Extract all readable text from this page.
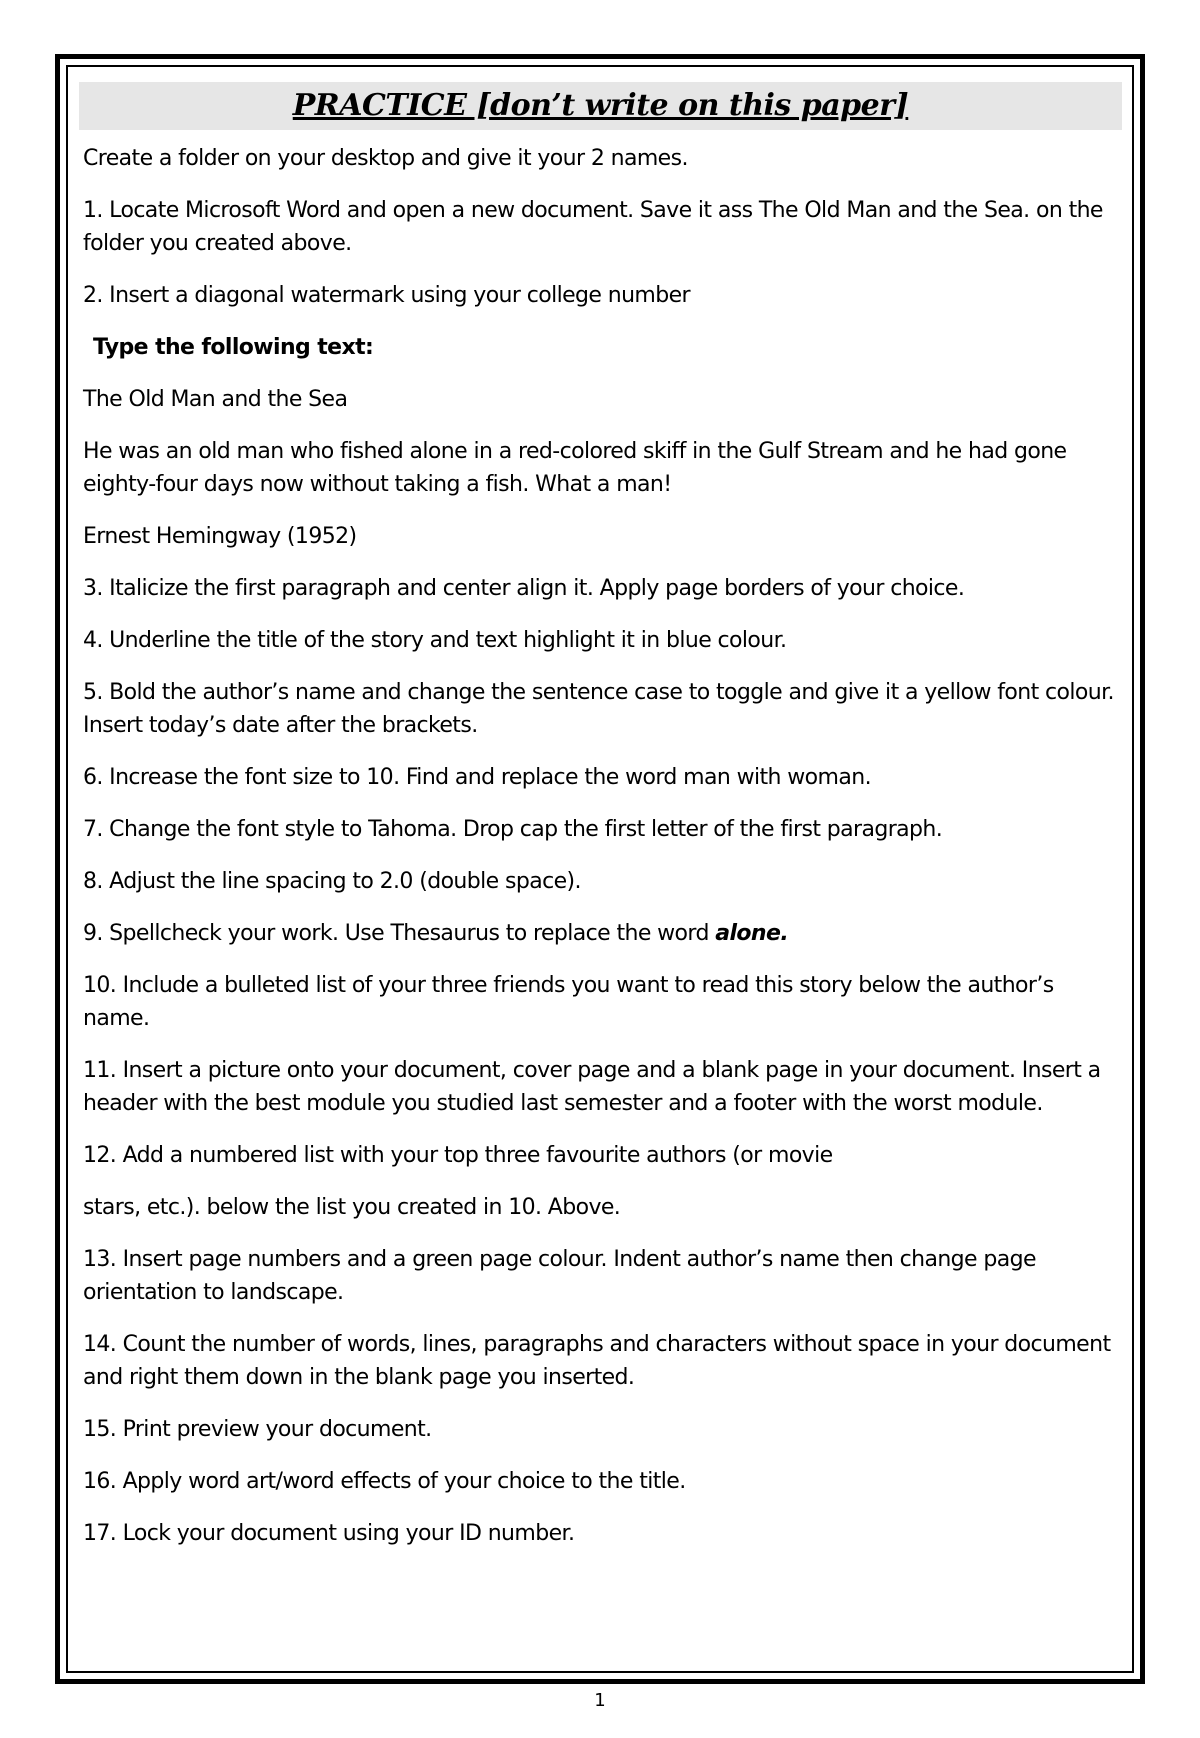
PRACTICE [don’t write on this paper]

Create a folder on your desktop and give it your 2 names.

1. Locate Microsoft Word and open a new document. Save it ass The Old Man and the Sea. on the folder you created above.

2. Insert a diagonal watermark using your college number

Type the following text:

The Old Man and the Sea

He was an old man who fished alone in a red-colored skiff in the Gulf Stream and he had gone eighty-four days now without taking a fish. What a man!

Ernest Hemingway (1952)

3. Italicize the first paragraph and center align it. Apply page borders of your choice.

4. Underline the title of the story and text highlight it in blue colour.

5. Bold the author’s name and change the sentence case to toggle and give it a yellow font colour. Insert today’s date after the brackets.

6. Increase the font size to 10. Find and replace the word man with woman.

7. Change the font style to Tahoma. Drop cap the first letter of the first paragraph.

8. Adjust the line spacing to 2.0 (double space).

9. Spellcheck your work. Use Thesaurus to replace the word alone.

10. Include a bulleted list of your three friends you want to read this story below the author’s name.

11. Insert a picture onto your document, cover page and a blank page in your document. Insert a header with the best module you studied last semester and a footer with the worst module.

12. Add a numbered list with your top three favourite authors (or movie

stars, etc.). below the list you created in 10. Above.

13. Insert page numbers and a green page colour. Indent author’s name then change page orientation to landscape.

14. Count the number of words, lines, paragraphs and characters without space in your document and right them down in the blank page you inserted.

15. Print preview your document.

16. Apply word art/word effects of your choice to the title.

17. Lock your document using your ID number.

1
